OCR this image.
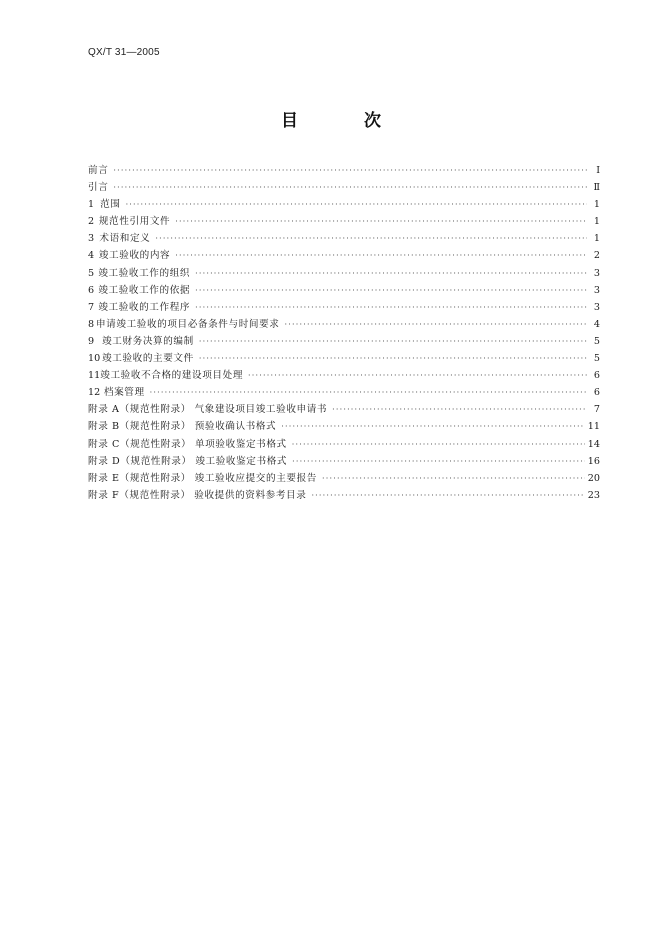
QX/T 31—2005
目 次
前言 ·····	Ⅰ
引言 ·····	Ⅱ
1 范围 ·····	1
2 规范性引用文件 ·····	1
3 术语和定义 ·····	1
4 竣工验收的内容 ·····	2
5 竣工验收工作的组织 ·····	3
6 竣工验收工作的依据 ·····	3
7 竣工验收的工作程序 ·····	3
8 申请竣工验收的项目必备条件与时间要求 ·····	4
9 竣工财务决算的编制 ·····	5
10 竣工验收的主要文件 ·····	5
11 竣工验收不合格的建设项目处理 ·····	6
12 档案管理 ·····	6
附录 A（规范性附录） 气象建设项目竣工验收申请书 ·····	7
附录 B（规范性附录） 预验收确认书格式 ·····	11
附录 C（规范性附录） 单项验收鉴定书格式 ·····	14
附录 D（规范性附录） 竣工验收鉴定书格式 ·····	16
附录 E（规范性附录） 竣工验收应提交的主要报告 ·····	20
附录 F（规范性附录） 验收提供的资料参考目录 ·····	23
